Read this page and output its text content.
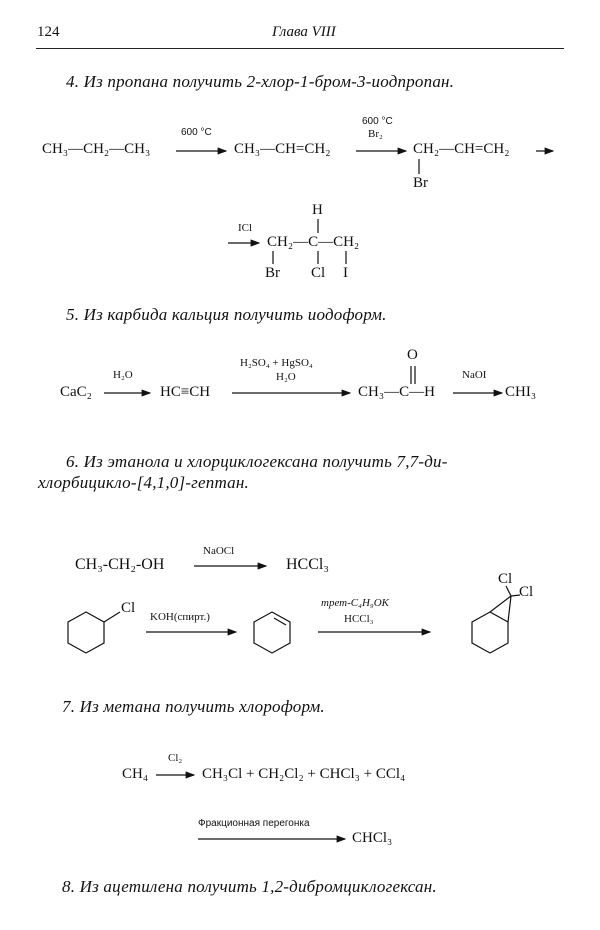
124	Глава VIII
4. Из пропана получить 2-хлор-1-бром-3-иодпропан.
CH₃—CH₂—CH₃
600 °C
CH₃—CH=CH₂
600 °C
Br₂
CH₂—CH=CH₂
Br
ICl
H
CH₂—C—CH₂
Br Cl I
5. Из карбида кальция получить иодоформ.
CaC₂
H₂O
HC≡CH
H₂SO₄ + HgSO₄
H₂O
O
CH₃—C—H
NaOI
CHI₃
6. Из этанола и хлорциклогексана получить 7,7-ди-
хлорбицикло-[4,1,0]-гептан.
CH₃-CH₂-OH
NaOCl
HCCl₃
Cl
KOH(спирт.)
трет-C₄H₉OK
HCCl₃
Cl
Cl
7. Из метана получить хлороформ.
CH₄
Cl₂
CH₃Cl + CH₂Cl₂ + CHCl₃ + CCl₄
Фракционная перегонка
CHCl₃
8. Из ацетилена получить 1,2-дибромциклогексан.
